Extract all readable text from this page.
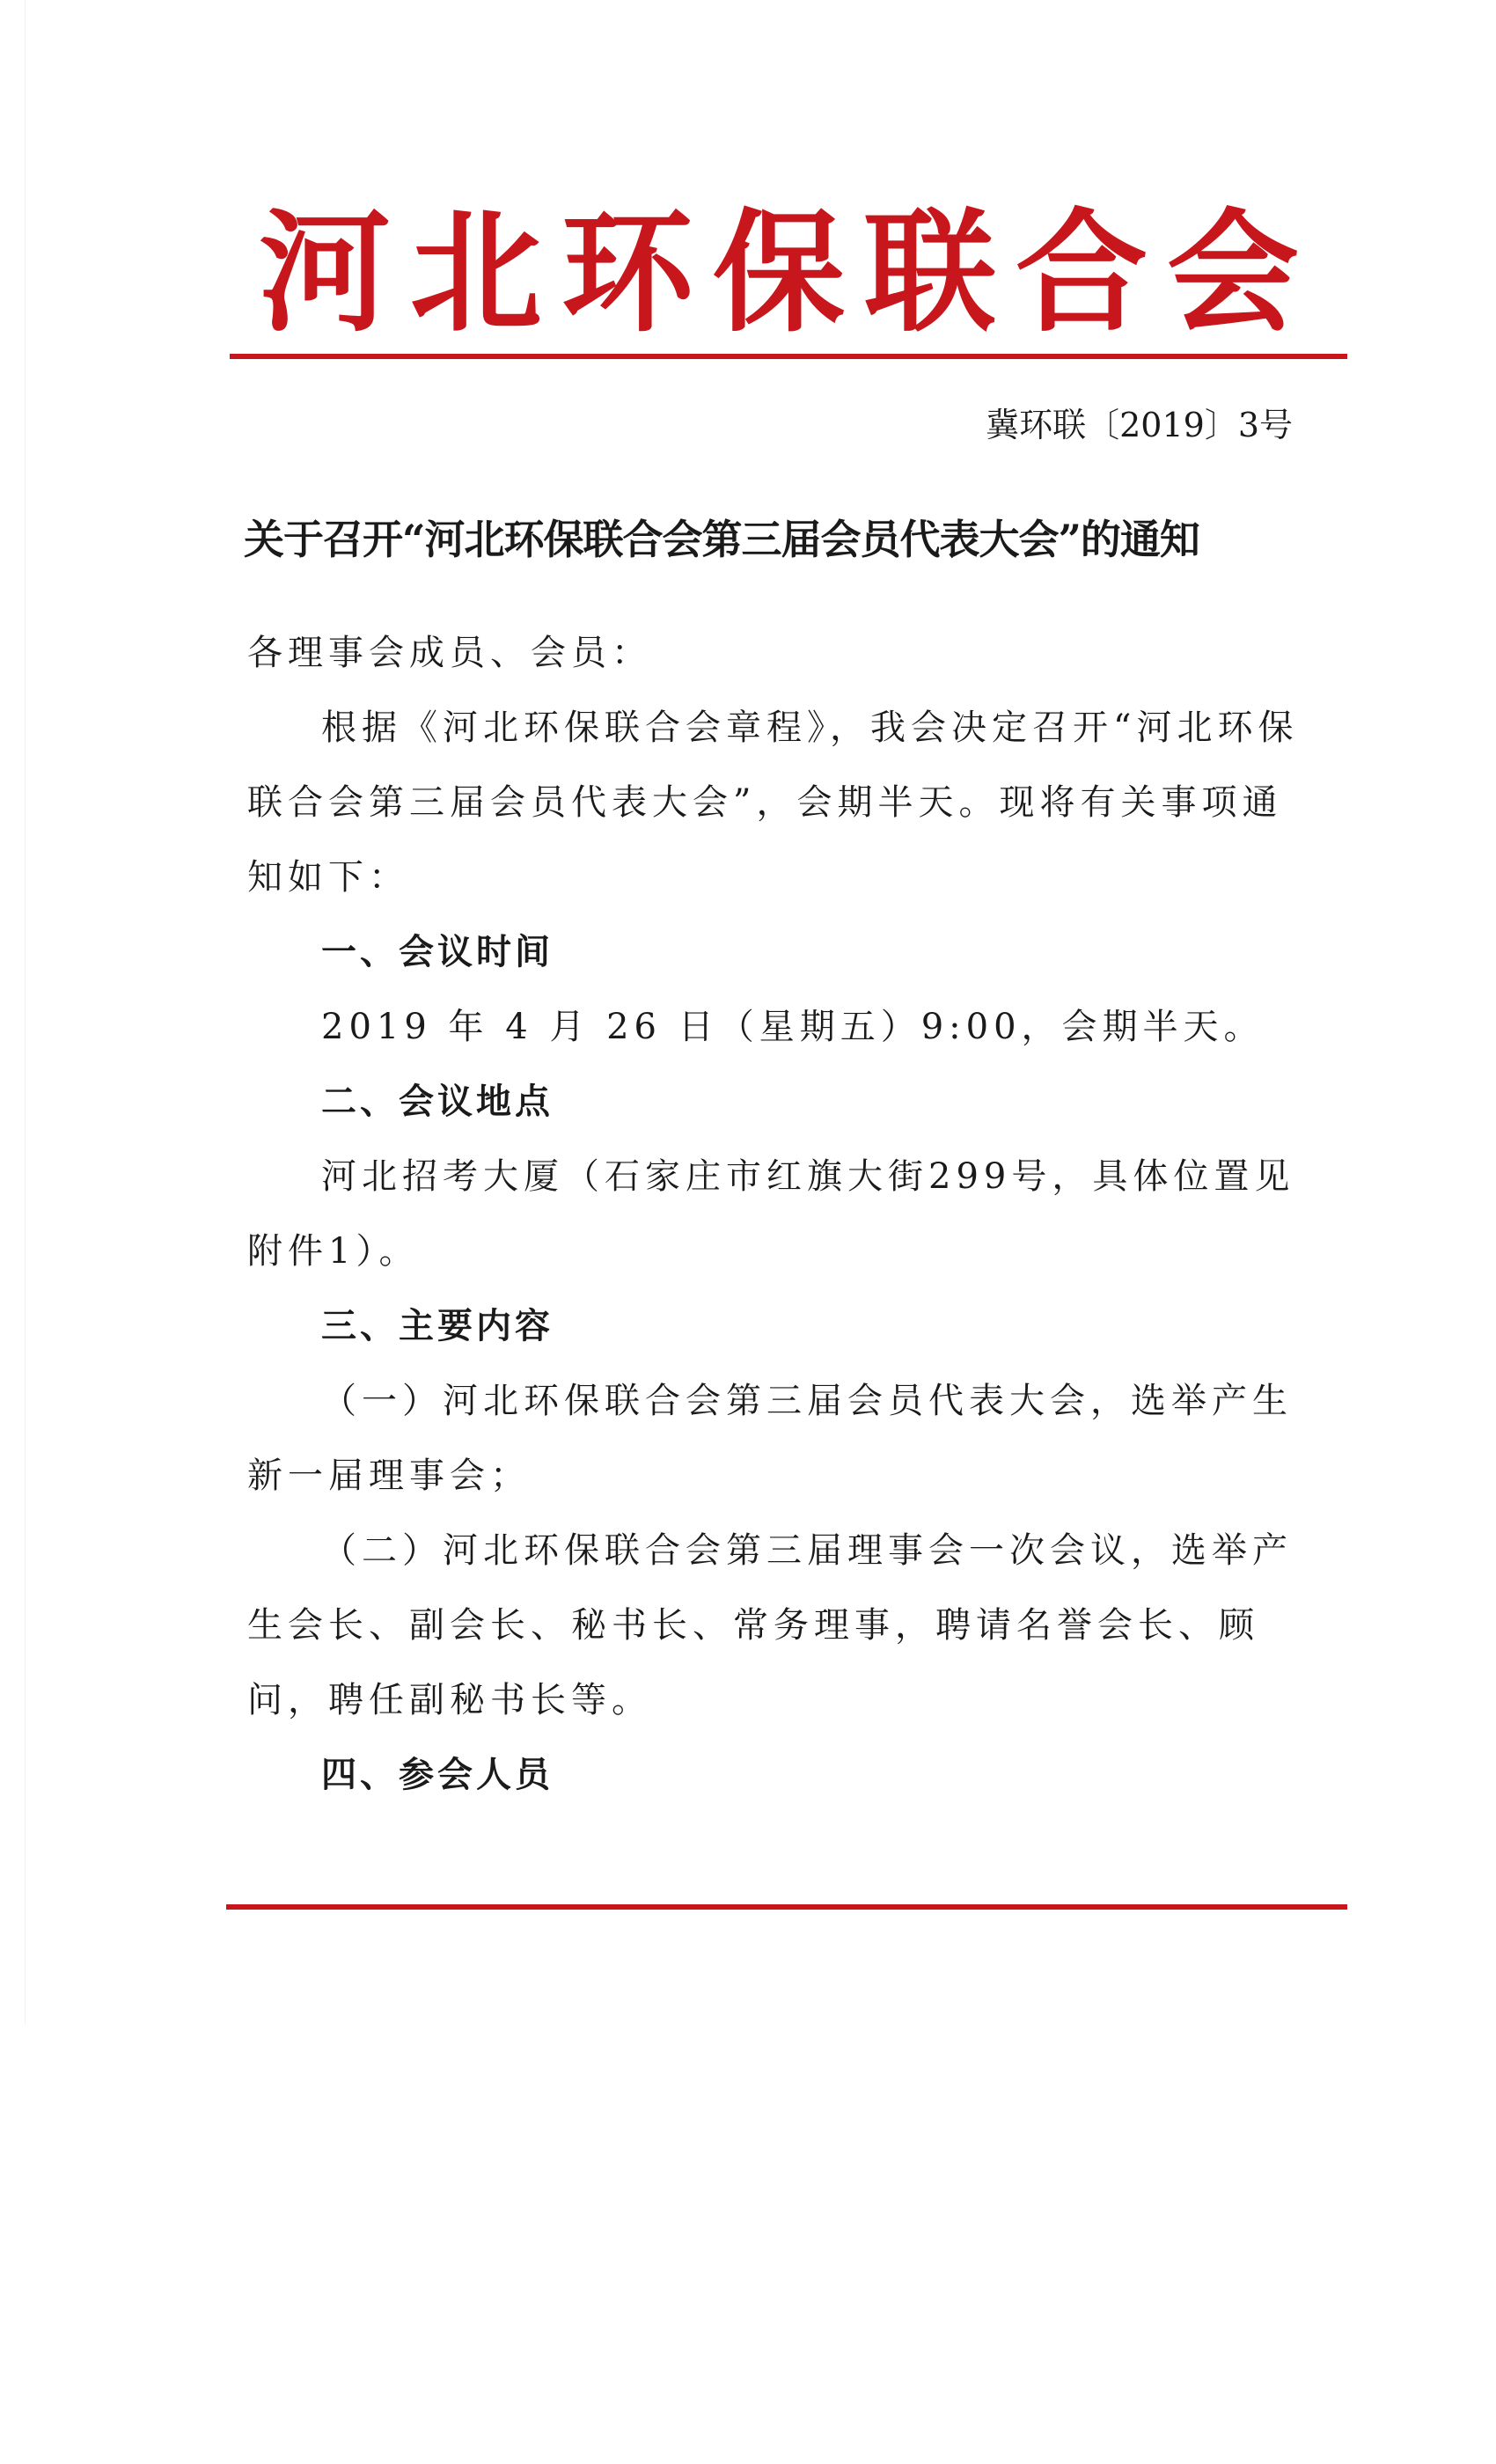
河北环保联合会
冀环联〔2019〕3号
关于召开“河北环保联合会第三届会员代表大会”的通知

各理事会成员、会员：

根据《河北环保联合会章程》，我会决定召开“河北环保联合会第三届会员代表大会”，会期半天。现将有关事项通知如下：

一、会议时间

2019 年 4 月 26 日（星期五）9:00，会期半天。

二、会议地点

河北招考大厦（石家庄市红旗大街299号，具体位置见附件1）。

三、主要内容

（一）河北环保联合会第三届会员代表大会，选举产生新一届理事会；

（二）河北环保联合会第三届理事会一次会议，选举产生会长、副会长、秘书长、常务理事，聘请名誉会长、顾问，聘任副秘书长等。

四、参会人员
